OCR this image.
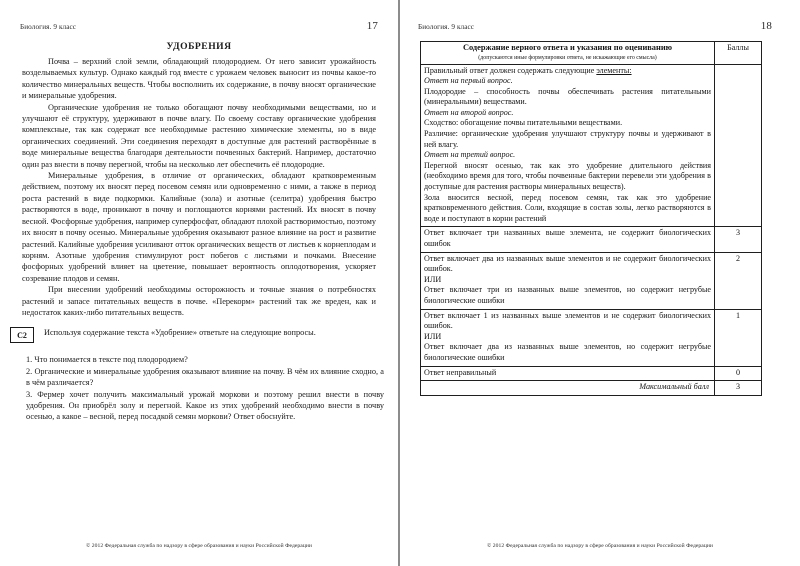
Биология. 9 класс	17
УДОБРЕНИЯ

Почва – верхний слой земли, обладающий плодородием. От него зависит урожайность возделываемых культур. Однако каждый год вместе с урожаем человек выносит из почвы какое-то количество минеральных веществ. Чтобы восполнить их содержание, в почву вносят органические и минеральные удобрения.

Органические удобрения не только обогащают почву необходимыми веществами, но и улучшают её структуру, удерживают в почве влагу. По своему составу органические удобрения комплексные, так как содержат все необходимые растению химические элементы, но в виде органических соединений. Эти соединения переходят в доступные для растений растворённые в воде минеральные вещества благодаря деятельности почвенных бактерий. Например, достаточно один раз внести в почву перегной, чтобы на несколько лет обеспечить её плодородие.

Минеральные удобрения, в отличие от органических, обладают кратковременным действием, поэтому их вносят перед посевом семян или одновременно с ними, а также в период роста растений в виде подкормки. Калийные (зола) и азотные (селитра) удобрения быстро растворяются в воде, проникают в почву и поглощаются корнями растений. Их вносят в почву весной. Фосфорные удобрения, например суперфосфат, обладают плохой растворимостью, поэтому их вносят в почву осенью. Минеральные удобрения оказывают разное влияние на рост и развитие растений. Калийные удобрения усиливают отток органических веществ от листьев к корнеплодам и корням. Азотные удобрения стимулируют рост побегов с листьями и почками. Внесение фосфорных удобрений влияет на цветение, повышает вероятность оплодотворения, ускоряет созревание плодов и семян.

При внесении удобрений необходимы осторожность и точные знания о потребностях растений и запасе питательных веществ в почве. «Перекорм» растений так же вреден, как и недостаток каких-либо питательных веществ.

C2	Используя содержание текста «Удобрение» ответьте на следующие вопросы.

1. Что понимается в тексте под плодородием?

2. Органические и минеральные удобрения оказывают влияние на почву. В чём их влияние сходно, а в чём различается?

3. Фермер хочет получить максимальный урожай моркови и поэтому решил внести в почву удобрения. Он приобрёл золу и перегной. Какое из этих удобрений необходимо внести в почву осенью, а какое – весной, перед посадкой семян моркови? Ответ обоснуйте.

© 2012 Федеральная служба по надзору в сфере образования и науки Российской Федерации
Биология. 9 класс	18
Содержание верного ответа и указания по оцениванию
(допускаются иные формулировки ответа, не искажающие его смысла)	Баллы

Правильный ответ должен содержать следующие элементы:
Ответ на первый вопрос.
Плодородие – способность почвы обеспечивать растения питательными (минеральными) веществами.
Ответ на второй вопрос.
Сходство: обогащение почвы питательными веществами.
Различие: органические удобрения улучшают структуру почвы и удерживают в ней влагу.
Ответ на третий вопрос.
Перегной вносят осенью, так как это удобрение длительного действия (необходимо время для того, чтобы почвенные бактерии перевели эти удобрения в доступные для растения растворы минеральных веществ).
Зола вносится весной, перед посевом семян, так как это удобрение кратковременного действия. Соли, входящие в состав золы, легко растворяются в воде и поступают в корни растений

Ответ включает три названных выше элемента, не содержит биологических ошибок	3

Ответ включает два из названных выше элементов и не содержит биологических ошибок.
ИЛИ
Ответ включает три из названных выше элементов, но содержит негрубые биологические ошибки	2

Ответ включает 1 из названных выше элементов и не содержит биологических ошибок.
ИЛИ
Ответ включает два из названных выше элементов, но содержит негрубые биологические ошибки	1

Ответ неправильный	0
Максимальный балл	3
© 2012 Федеральная служба по надзору в сфере образования и науки Российской Федерации
